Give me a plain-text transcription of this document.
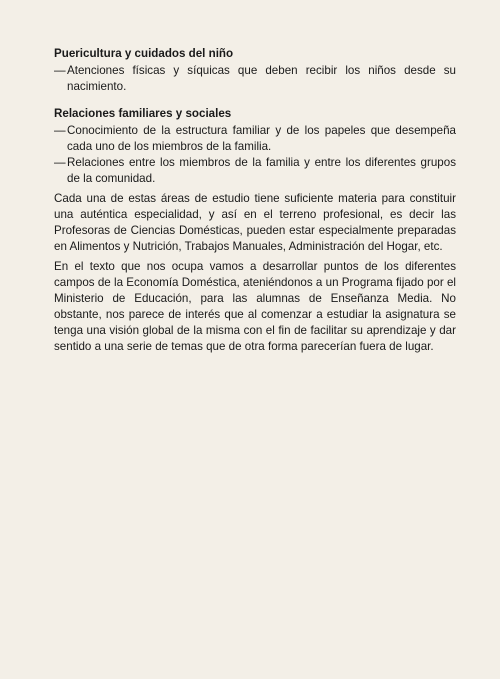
Puericultura y cuidados del niño
— Atenciones físicas y síquicas que deben recibir los niños desde su nacimiento.
Relaciones familiares y sociales
— Conocimiento de la estructura familiar y de los papeles que desempeña cada uno de los miembros de la familia.
— Relaciones entre los miembros de la familia y entre los diferentes grupos de la comunidad.

Cada una de estas áreas de estudio tiene suficiente materia para constituir una auténtica especialidad, y así en el terreno profesional, es decir las Profesoras de Ciencias Domésticas, pueden estar especialmente preparadas en Alimentos y Nutrición, Trabajos Manuales, Administración del Hogar, etc.

En el texto que nos ocupa vamos a desarrollar puntos de los diferentes campos de la Economía Doméstica, ateniéndonos a un Programa fijado por el Ministerio de Educación, para las alumnas de Enseñanza Media. No obstante, nos parece de interés que al comenzar a estudiar la asignatura se tenga una visión global de la misma con el fin de facilitar su aprendizaje y dar sentido a una serie de temas que de otra forma parecerían fuera de lugar.
